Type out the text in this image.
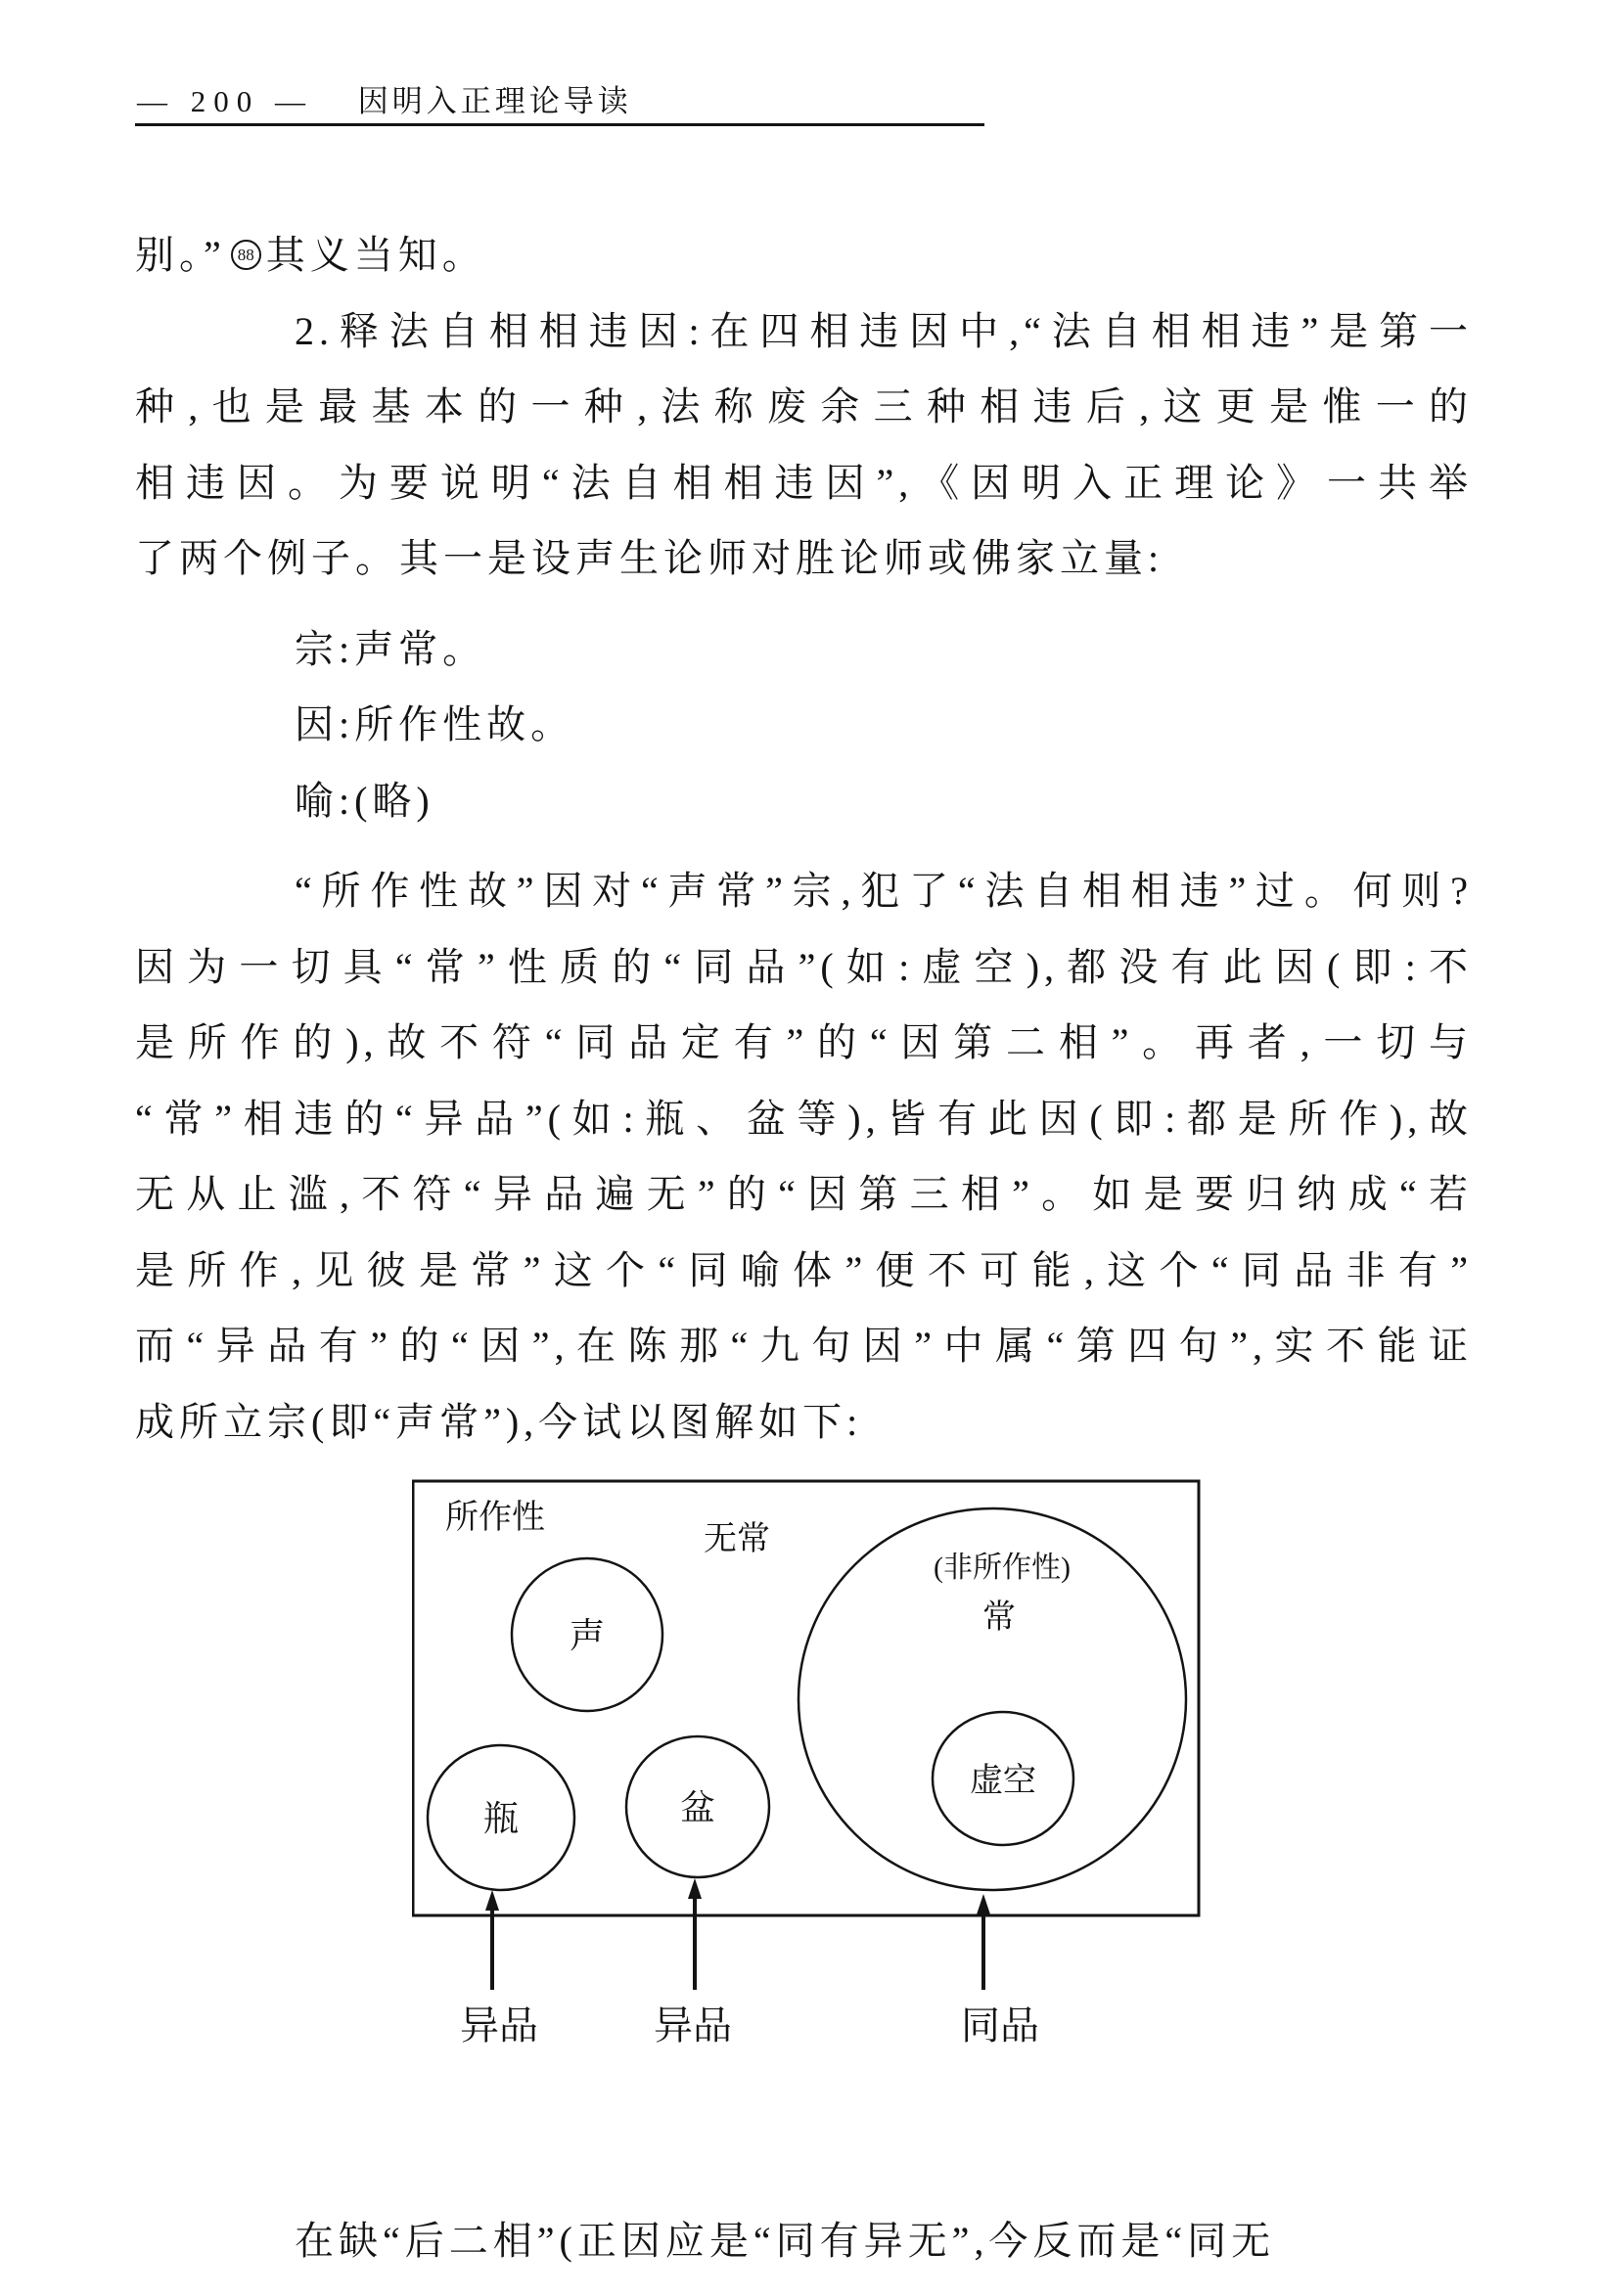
— 200 — 因明入正理论导读
别。” 88 其义当知。
2.释法自相相违因:在四相违因中,“法自相相违”是第一
种,也是最基本的一种,法称废余三种相违后,这更是惟一的
相违因。为要说明“法自相相违因”,《因明入正理论》一共举
了两个例子。其一是设声生论师对胜论师或佛家立量:
宗:声常。
因:所作性故。
喻:(略)
“所作性故”因对“声常”宗,犯了“法自相相违”过。何则?
因为一切具“常”性质的“同品”(如:虚空),都没有此因(即:不
是所作的),故不符“同品定有”的“因第二相”。再者,一切与
“常”相违的“异品”(如:瓶、盆等),皆有此因(即:都是所作),故
无从止滥,不符“异品遍无”的“因第三相”。如是要归纳成“若
是所作,见彼是常”这个“同喻体”便不可能,这个“同品非有”
而“异品有”的“因”,在陈那“九句因”中属“第四句”,实不能证
成所立宗(即“声常”),今试以图解如下:
所作性
无常
声
瓶	盆
(非所作性)
常
虚空
异品	异品	同品
在缺“后二相”(正因应是“同有异无”,今反而是“同无
